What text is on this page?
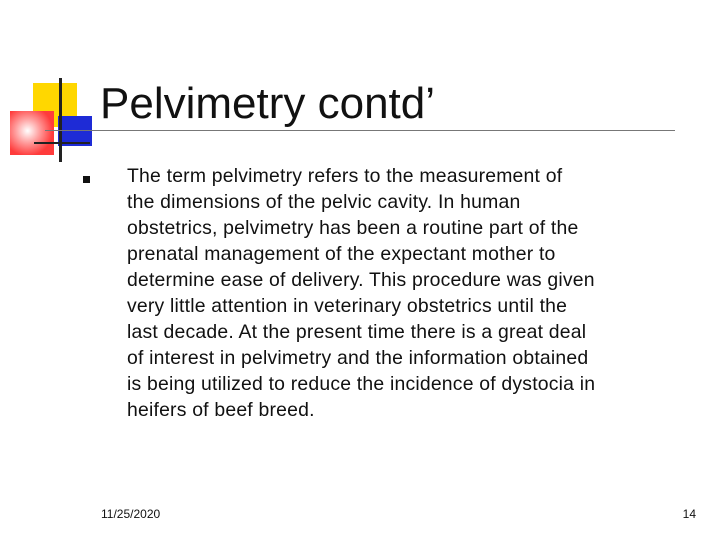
Pelvimetry contd’

The term pelvimetry refers to the measurement of
the dimensions of the pelvic cavity. In human
obstetrics, pelvimetry has been a routine part of the
prenatal management of the expectant mother to
determine ease of delivery. This procedure was given
very little attention in veterinary obstetrics until the
last decade. At the present time there is a great deal
of interest in pelvimetry and the information obtained
is being utilized to reduce the incidence of dystocia in
heifers of beef breed.

11/25/2020	14
